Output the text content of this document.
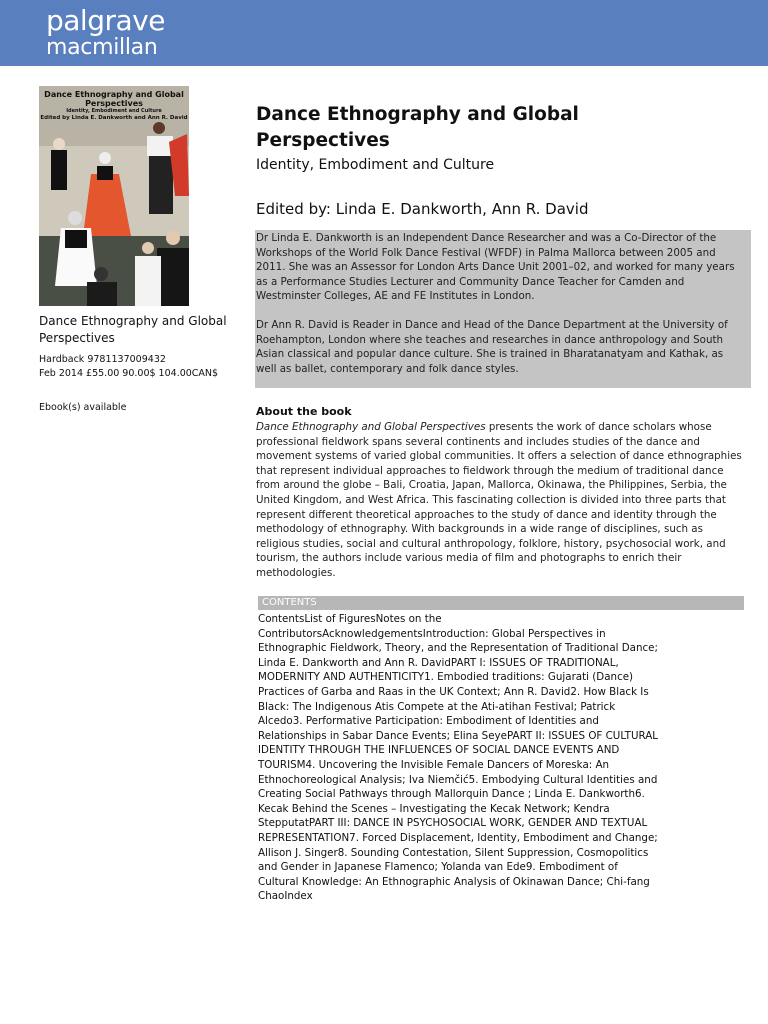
palgrave
macmillan
Dance Ethnography and Global Perspectives
Identity, Embodiment and Culture
Edited by Linda E. Dankworth and Ann R. David
Dance Ethnography and Global Perspectives
Hardback 9781137009432
Feb 2014 £55.00 90.00$ 104.00CAN$
Ebook(s) available
Dance Ethnography and Global Perspectives
Identity, Embodiment and Culture
Edited by: Linda E. Dankworth, Ann R. David
Dr Linda E. Dankworth is an Independent Dance Researcher and was a Co-Director of the Workshops of the World Folk Dance Festival (WFDF) in Palma Mallorca between 2005 and 2011. She was an Assessor for London Arts Dance Unit 2001–02, and worked for many years as a Performance Studies Lecturer and Community Dance Teacher for Camden and Westminster Colleges, AE and FE Institutes in London.
Dr Ann R. David is Reader in Dance and Head of the Dance Department at the University of Roehampton, London where she teaches and researches in dance anthropology and South Asian classical and popular dance culture. She is trained in Bharatanatyam and Kathak, as well as ballet, contemporary and folk dance styles.
About the book
Dance Ethnography and Global Perspectives presents the work of dance scholars whose professional fieldwork spans several continents and includes studies of the dance and movement systems of varied global communities. It offers a selection of dance ethnographies that represent individual approaches to fieldwork through the medium of traditional dance from around the globe – Bali, Croatia, Japan, Mallorca, Okinawa, the Philippines, Serbia, the United Kingdom, and West Africa. This fascinating collection is divided into three parts that represent different theoretical approaches to the study of dance and identity through the methodology of ethnography. With backgrounds in a wide range of disciplines, such as religious studies, social and cultural anthropology, folklore, history, psychosocial work, and tourism, the authors include various media of film and photographs to enrich their methodologies.
CONTENTS
ContentsList of FiguresNotes on the ContributorsAcknowledgementsIntroduction: Global Perspectives in Ethnographic Fieldwork, Theory, and the Representation of Traditional Dance; Linda E. Dankworth and Ann R. DavidPART I: ISSUES OF TRADITIONAL, MODERNITY AND AUTHENTICITY1. Embodied traditions: Gujarati (Dance) Practices of Garba and Raas in the UK Context; Ann R. David2. How Black Is Black: The Indigenous Atis Compete at the Ati-atihan Festival; Patrick Alcedo3. Performative Participation: Embodiment of Identities and Relationships in Sabar Dance Events; Elina SeyePART II: ISSUES OF CULTURAL IDENTITY THROUGH THE INFLUENCES OF SOCIAL DANCE EVENTS AND TOURISM4. Uncovering the Invisible Female Dancers of Moreska: An Ethnochoreological Analysis; Iva Niemčić5. Embodying Cultural Identities and Creating Social Pathways through Mallorquin Dance ; Linda E. Dankworth6. Kecak Behind the Scenes – Investigating the Kecak Network; Kendra StepputatPART III: DANCE IN PSYCHOSOCIAL WORK, GENDER AND TEXTUAL REPRESENTATION7. Forced Displacement, Identity, Embodiment and Change; Allison J. Singer8. Sounding Contestation, Silent Suppression, Cosmopolitics and Gender in Japanese Flamenco; Yolanda van Ede9. Embodiment of Cultural Knowledge: An Ethnographic Analysis of Okinawan Dance; Chi-fang ChaoIndex
